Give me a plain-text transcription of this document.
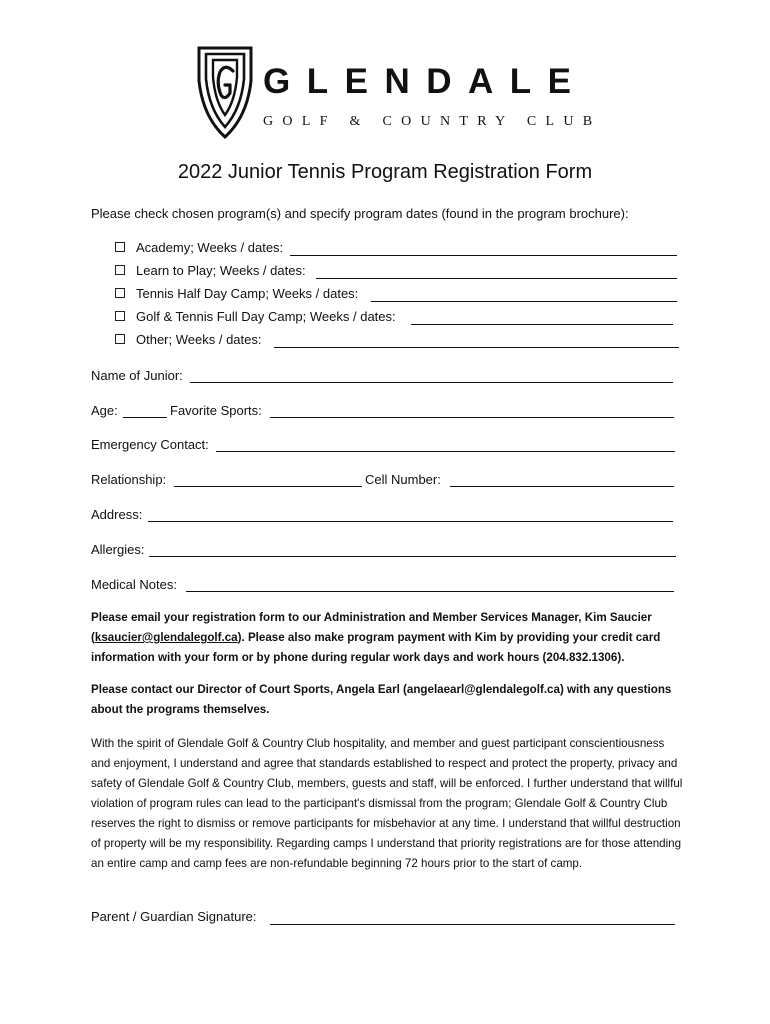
GLENDALE
GOLF & COUNTRY CLUB
2022 Junior Tennis Program Registration Form
Please check chosen program(s) and specify program dates (found in the program brochure):
Academy; Weeks / dates:
Learn to Play; Weeks / dates:
Tennis Half Day Camp; Weeks / dates:
Golf & Tennis Full Day Camp; Weeks / dates:
Other; Weeks / dates:
Name of Junior:
Age:	Favorite Sports:
Emergency Contact:
Relationship:	Cell Number:
Address:
Allergies:
Medical Notes:
Please email your registration form to our Administration and Member Services Manager, Kim Saucier (ksaucier@glendalegolf.ca). Please also make program payment with Kim by providing your credit card information with your form or by phone during regular work days and work hours (204.832.1306).
Please contact our Director of Court Sports, Angela Earl (angelaearl@glendalegolf.ca) with any questions about the programs themselves.
With the spirit of Glendale Golf & Country Club hospitality, and member and guest participant conscientiousness and enjoyment, I understand and agree that standards established to respect and protect the property, privacy and safety of Glendale Golf & Country Club, members, guests and staff, will be enforced. I further understand that willful violation of program rules can lead to the participant's dismissal from the program; Glendale Golf & Country Club reserves the right to dismiss or remove participants for misbehavior at any time. I understand that willful destruction of property will be my responsibility. Regarding camps I understand that priority registrations are for those attending an entire camp and camp fees are non-refundable beginning 72 hours prior to the start of camp.
Parent / Guardian Signature:
